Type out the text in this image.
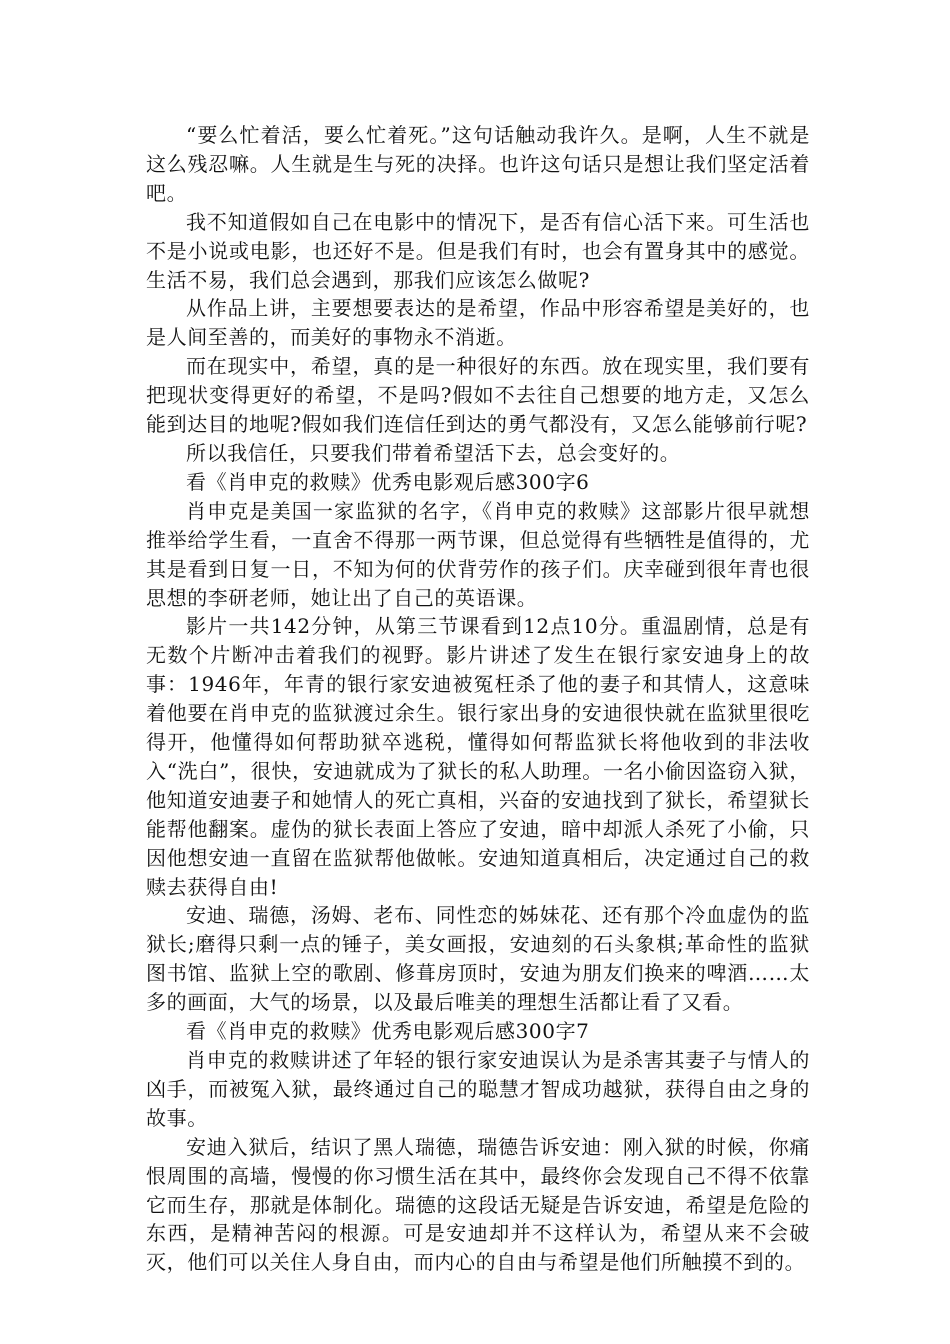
“要么忙着活，要么忙着死。”这句话触动我许久。是啊，人生不就是这么残忍嘛。人生就是生与死的决择。也许这句话只是想让我们坚定活着吧。

我不知道假如自己在电影中的情况下，是否有信心活下来。可生活也不是小说或电影，也还好不是。但是我们有时，也会有置身其中的感觉。生活不易，我们总会遇到，那我们应该怎么做呢?

从作品上讲，主要想要表达的是希望，作品中形容希望是美好的，也是人间至善的，而美好的事物永不消逝。

而在现实中，希望，真的是一种很好的东西。放在现实里，我们要有把现状变得更好的希望，不是吗?假如不去往自己想要的地方走，又怎么能到达目的地呢?假如我们连信任到达的勇气都没有，又怎么能够前行呢?

所以我信任，只要我们带着希望活下去，总会变好的。

看《肖申克的救赎》优秀电影观后感300字6

肖申克是美国一家监狱的名字，《肖申克的救赎》这部影片很早就想推举给学生看，一直舍不得那一两节课，但总觉得有些牺牲是值得的，尤其是看到日复一日，不知为何的伏背劳作的孩子们。庆幸碰到很年青也很思想的李研老师，她让出了自己的英语课。

影片一共142分钟，从第三节课看到12点10分。重温剧情，总是有无数个片断冲击着我们的视野。影片讲述了发生在银行家安迪身上的故事：1946年，年青的银行家安迪被冤枉杀了他的妻子和其情人，这意味着他要在肖申克的监狱渡过余生。银行家出身的安迪很快就在监狱里很吃得开，他懂得如何帮助狱卒逃税，懂得如何帮监狱长将他收到的非法收入“洗白”，很快，安迪就成为了狱长的私人助理。一名小偷因盗窃入狱，他知道安迪妻子和她情人的死亡真相，兴奋的安迪找到了狱长，希望狱长能帮他翻案。虚伪的狱长表面上答应了安迪，暗中却派人杀死了小偷，只因他想安迪一直留在监狱帮他做帐。安迪知道真相后，决定通过自己的救赎去获得自由!

安迪、瑞德，汤姆、老布、同性恋的姊妹花、还有那个冷血虚伪的监狱长;磨得只剩一点的锤子，美女画报，安迪刻的石头象棋;革命性的监狱图书馆、监狱上空的歌剧、修葺房顶时，安迪为朋友们换来的啤酒……太多的画面，大气的场景，以及最后唯美的理想生活都让看了又看。

看《肖申克的救赎》优秀电影观后感300字7

肖申克的救赎讲述了年轻的银行家安迪误认为是杀害其妻子与情人的凶手，而被冤入狱，最终通过自己的聪慧才智成功越狱，获得自由之身的故事。

安迪入狱后，结识了黑人瑞德，瑞德告诉安迪：刚入狱的时候，你痛恨周围的高墙，慢慢的你习惯生活在其中，最终你会发现自己不得不依靠它而生存，那就是体制化。瑞德的这段话无疑是告诉安迪，希望是危险的东西，是精神苦闷的根源。可是安迪却并不这样认为，希望从来不会破灭，他们可以关住人身自由，而内心的自由与希望是他们所触摸不到的。
